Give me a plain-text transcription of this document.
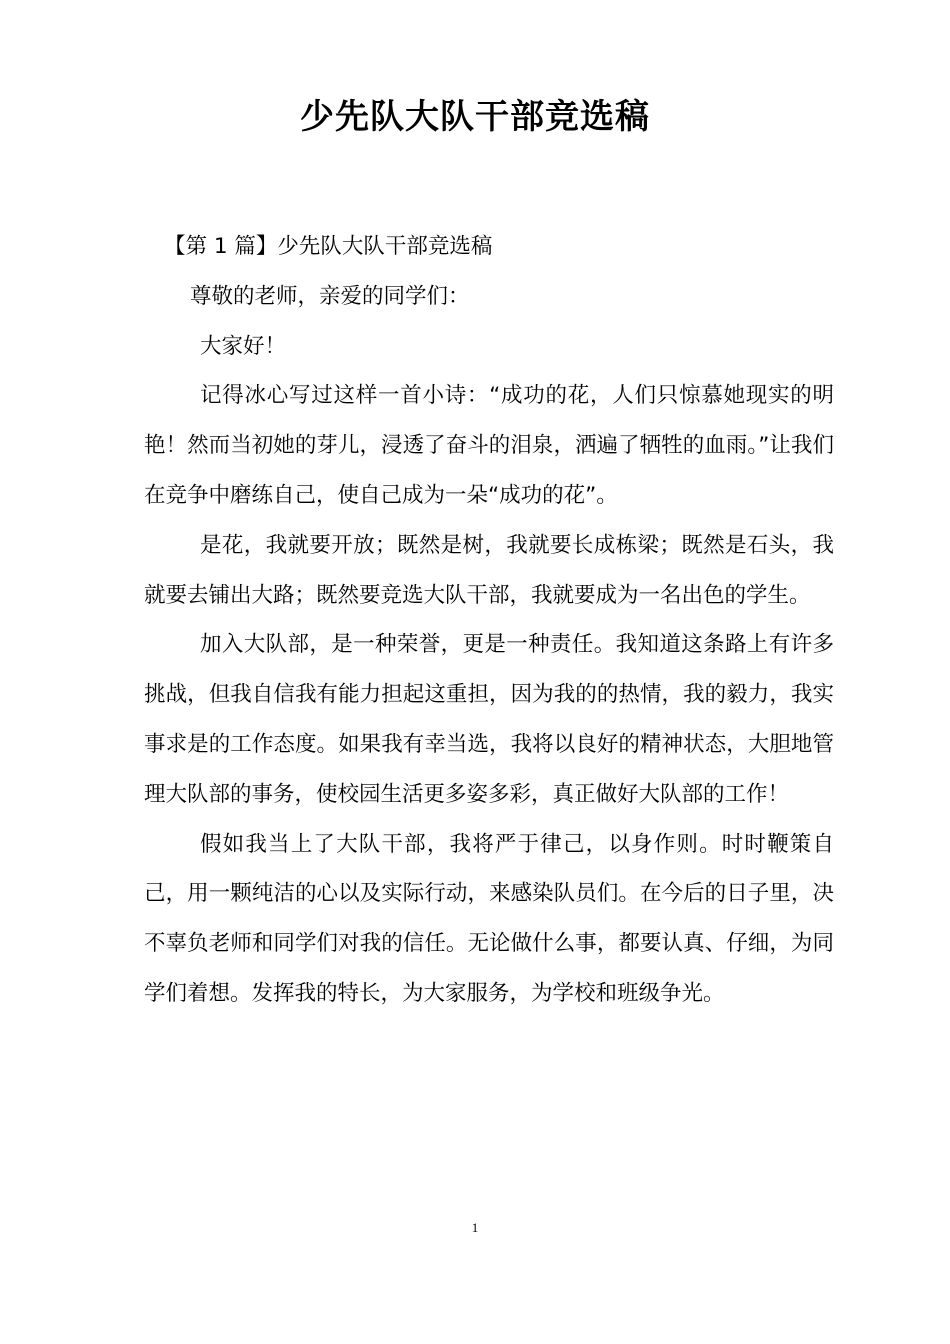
少先队大队干部竞选稿

【第 1 篇】少先队大队干部竞选稿

尊敬的老师，亲爱的同学们：

大家好！

记得冰心写过这样一首小诗：“成功的花，人们只惊慕她现实的明艳！然而当初她的芽儿，浸透了奋斗的泪泉，洒遍了牺牲的血雨。”让我们在竞争中磨练自己，使自己成为一朵“成功的花”。

是花，我就要开放；既然是树，我就要长成栋梁；既然是石头，我就要去铺出大路；既然要竞选大队干部，我就要成为一名出色的学生。

加入大队部，是一种荣誉，更是一种责任。我知道这条路上有许多挑战，但我自信我有能力担起这重担，因为我的的热情，我的毅力，我实事求是的工作态度。如果我有幸当选，我将以良好的精神状态，大胆地管理大队部的事务，使校园生活更多姿多彩，真正做好大队部的工作！

假如我当上了大队干部，我将严于律己，以身作则。时时鞭策自己，用一颗纯洁的心以及实际行动，来感染队员们。在今后的日子里，决不辜负老师和同学们对我的信任。无论做什么事，都要认真、仔细，为同学们着想。发挥我的特长，为大家服务，为学校和班级争光。

1
